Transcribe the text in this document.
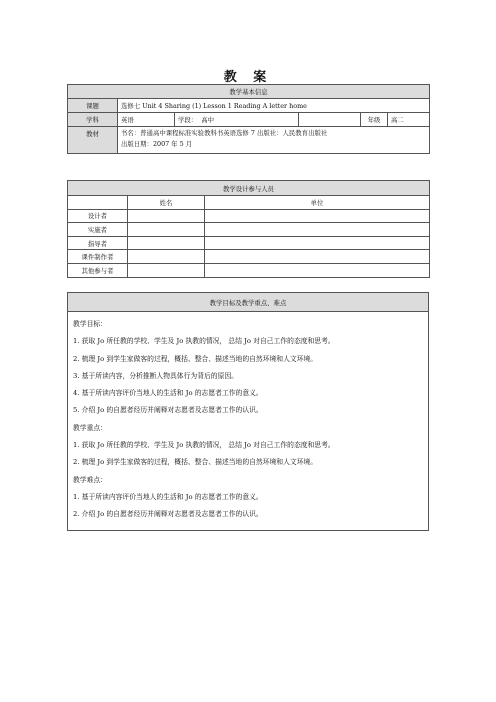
教 案
教学基本信息					
课题	选修七 Unit 4 Sharing (1) Lesson 1 Reading A letter home				
学科	英语	学段： 高中		年级	高二
教材	书名：普通高中课程标准实验教科书英语选修 7 出版社：人民教育出版社
出版日期：2007 年 5 月				
教学设计参与人员		
	姓名	单位
设计者		
实施者		
指导者		
课件制作者		
其他参与者		
教学目标及教学重点、难点

教学目标：
1. 获取 Jo 所任教的学校、学生及 Jo 执教的情况， 总结 Jo 对自己工作的态度和思考。
2. 梳理 Jo 到学生家做客的过程，概括、整合、描述当地的自然环境和人文环境。
3. 基于所读内容，分析推断人物具体行为背后的原因。
4. 基于所读内容评价当地人的生活和 Jo 的志愿者工作的意义。
5. 介绍 Jo 的自愿者经历并阐释对志愿者及志愿者工作的认识。
教学重点：
1. 获取 Jo 所任教的学校、学生及 Jo 执教的情况， 总结 Jo 对自己工作的态度和思考。
2. 梳理 Jo 到学生家做客的过程，概括、整合、描述当地的自然环境和人文环境。
教学难点：
1. 基于所读内容评价当地人的生活和 Jo 的志愿者工作的意义。
2. 介绍 Jo 的自愿者经历并阐释对志愿者及志愿者工作的认识。
